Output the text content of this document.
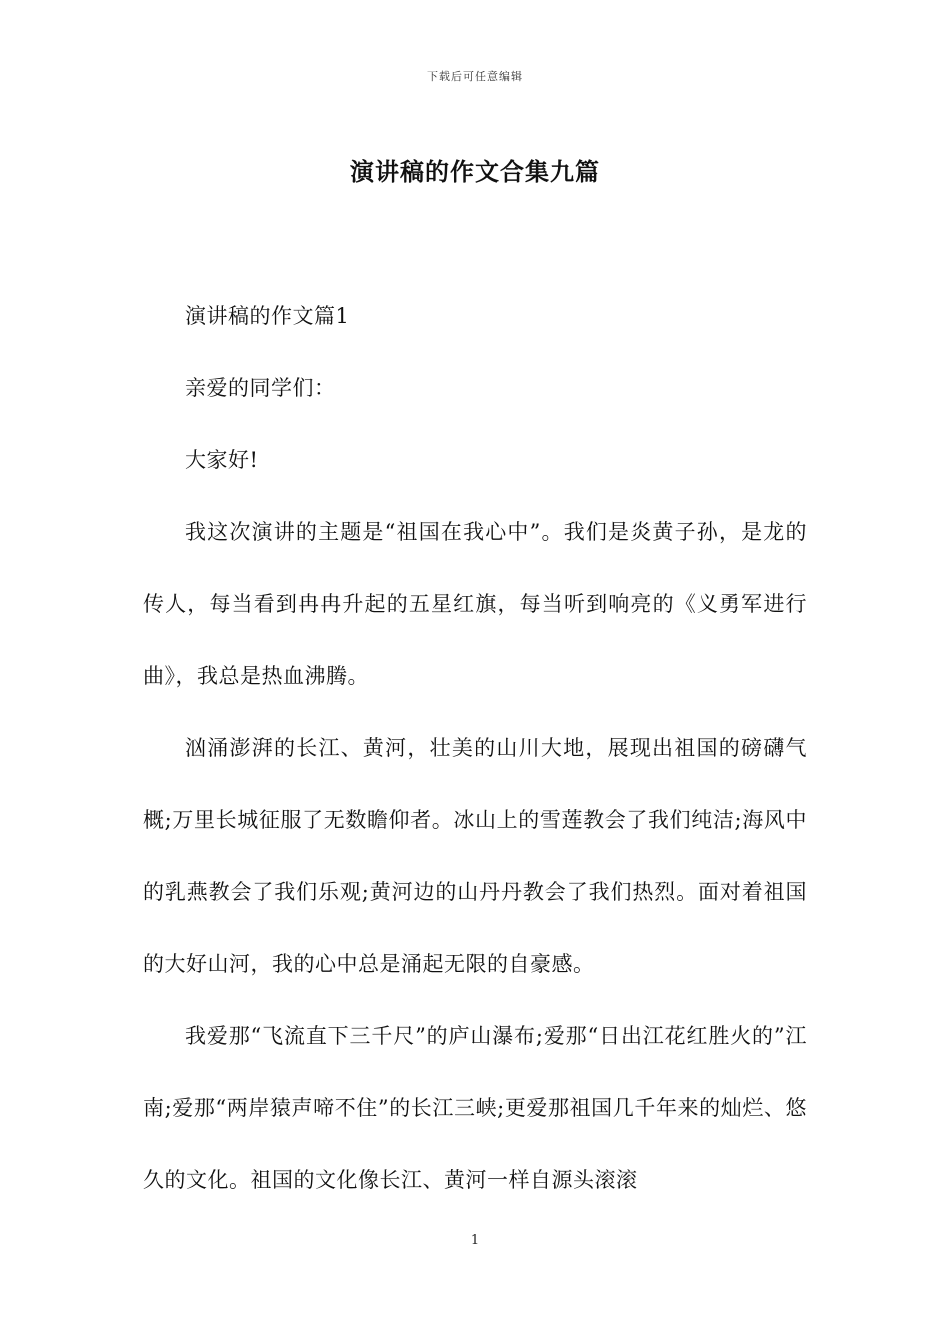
下载后可任意编辑
演讲稿的作文合集九篇

演讲稿的作文篇1

亲爱的同学们：

大家好!

我这次演讲的主题是“祖国在我心中”。我们是炎黄子孙，是龙的传人，每当看到冉冉升起的五星红旗，每当听到响亮的《义勇军进行曲》，我总是热血沸腾。

汹涌澎湃的长江、黄河，壮美的山川大地，展现出祖国的磅礴气概;万里长城征服了无数瞻仰者。冰山上的雪莲教会了我们纯洁;海风中的乳燕教会了我们乐观;黄河边的山丹丹教会了我们热烈。面对着祖国的大好山河，我的心中总是涌起无限的自豪感。

我爱那“飞流直下三千尺”的庐山瀑布;爱那“日出江花红胜火的”江南;爱那“两岸猿声啼不住”的长江三峡;更爱那祖国几千年来的灿烂、悠久的文化。祖国的文化像长江、黄河一样自源头滚滚

1
